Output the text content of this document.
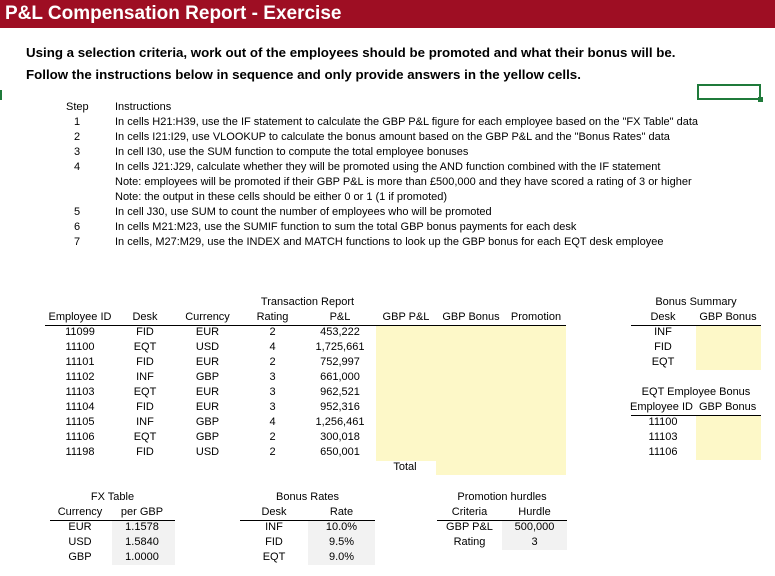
P&L Compensation Report - Exercise
Using a selection criteria, work out of the employees should be promoted and what their bonus will be.
Follow the instructions below in sequence and only provide answers in the yellow cells.
Step Instructions
1	In cells H21:H39, use the IF statement to calculate the GBP P&L figure for each employee based on the "FX Table" data
2	In cells I21:I29, use VLOOKUP to calculate the bonus amount based on the GBP P&L and the "Bonus Rates" data
3	In cell I30, use the SUM function to compute the total employee bonuses
4	In cells J21:J29, calculate whether they will be promoted using the AND function combined with the IF statement
Note: employees will be promoted if their GBP P&L is more than £500,000 and they have scored a rating of 3 or higher
Note: the output in these cells should be either 0 or 1 (1 if promoted)
5	In cell J30, use SUM to count the number of employees who will be promoted
6	In cells M21:M23, use the SUMIF function to sum the total GBP bonus payments for each desk
7	In cells, M27:M29, use the INDEX and MATCH functions to look up the GBP bonus for each EQT desk employee
Transaction Report
Employee ID	Desk	Currency	Rating	P&L	GBP P&L	GBP Bonus	Promotion
11099	FID	EUR	2	453,222
11100	EQT	USD	4	1,725,661
11101	FID	EUR	2	752,997
11102	INF	GBP	3	661,000
11103	EQT	EUR	3	962,521
11104	FID	EUR	3	952,316
11105	INF	GBP	4	1,256,461
11106	EQT	GBP	2	300,018
11198	FID	USD	2	650,001
Total
Bonus Summary
Desk	GBP Bonus
INF
FID
EQT
EQT Employee Bonus
Employee ID GBP Bonus
11100
11103
11106
FX Table
Currency	per GBP
EUR	1.1578
USD	1.5840
GBP	1.0000
Bonus Rates
Desk	Rate
INF	10.0%
FID	9.5%
EQT	9.0%
Promotion hurdles
Criteria	Hurdle
GBP P&L	500,000
Rating	3
